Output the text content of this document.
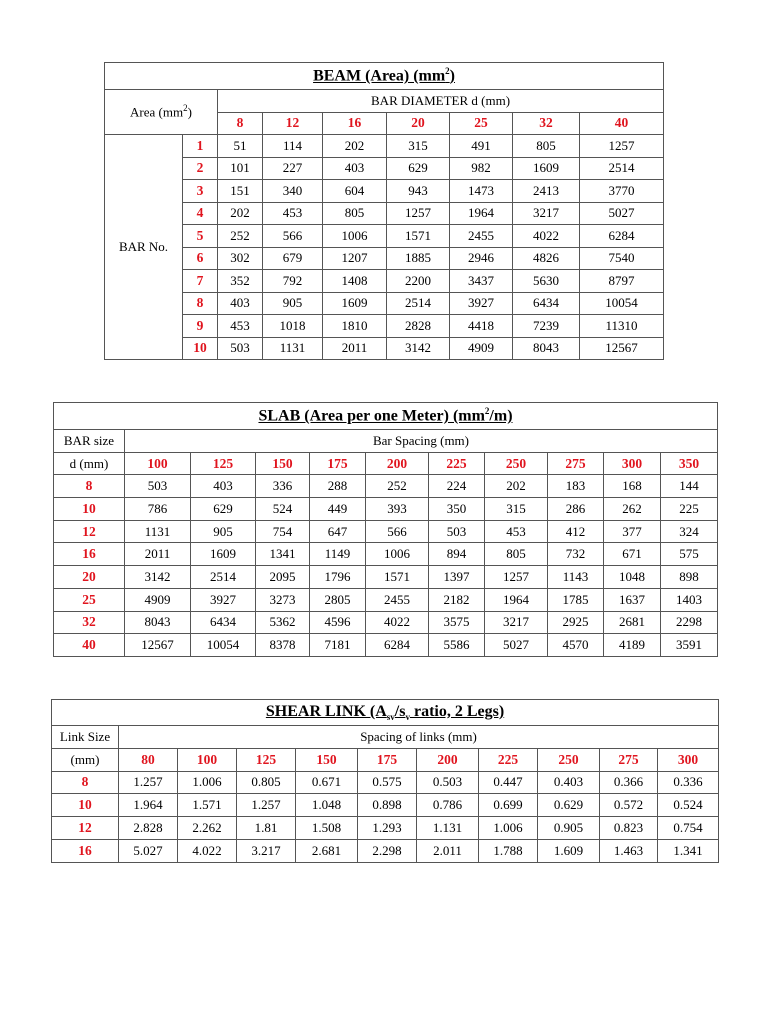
BEAM (Area) $(mm^2)$								
Area $(mm^2)$		BAR DIAMETER d (mm)						
		8	12	16	20	25	32	40
BAR No.	1	51	114	202	315	491	805	1257
	2	101	227	403	629	982	1609	2514
	3	151	340	604	943	1473	2413	3770
	4	202	453	805	1257	1964	3217	5027
	5	252	566	1006	1571	2455	4022	6284
	6	302	679	1207	1885	2946	4826	7540
	7	352	792	1408	2200	3437	5630	8797
	8	403	905	1609	2514	3927	6434	10054
	9	453	1018	1810	2828	4418	7239	11310
	10	503	1131	2011	3142	4909	8043	12567
SLAB (Area per one Meter) $(mm^2/m)$										
BAR size	Bar Spacing (mm)									
d (mm)	100	125	150	175	200	225	250	275	300	350
8	503	403	336	288	252	224	202	183	168	144
10	786	629	524	449	393	350	315	286	262	225
12	1131	905	754	647	566	503	453	412	377	324
16	2011	1609	1341	1149	1006	894	805	732	671	575
20	3142	2514	2095	1796	1571	1397	1257	1143	1048	898
25	4909	3927	3273	2805	2455	2182	1964	1785	1637	1403
32	8043	6434	5362	4596	4022	3575	3217	2925	2681	2298
40	12567	10054	8378	7181	6284	5586	5027	4570	4189	3591
SHEAR LINK ($A_{sv}/s_v$ ratio, 2 Legs)										
Link Size	Spacing of links (mm)									
(mm)	80	100	125	150	175	200	225	250	275	300
8	1.257	1.006	0.805	0.671	0.575	0.503	0.447	0.403	0.366	0.336
10	1.964	1.571	1.257	1.048	0.898	0.786	0.699	0.629	0.572	0.524
12	2.828	2.262	1.81	1.508	1.293	1.131	1.006	0.905	0.823	0.754
16	5.027	4.022	3.217	2.681	2.298	2.011	1.788	1.609	1.463	1.341
